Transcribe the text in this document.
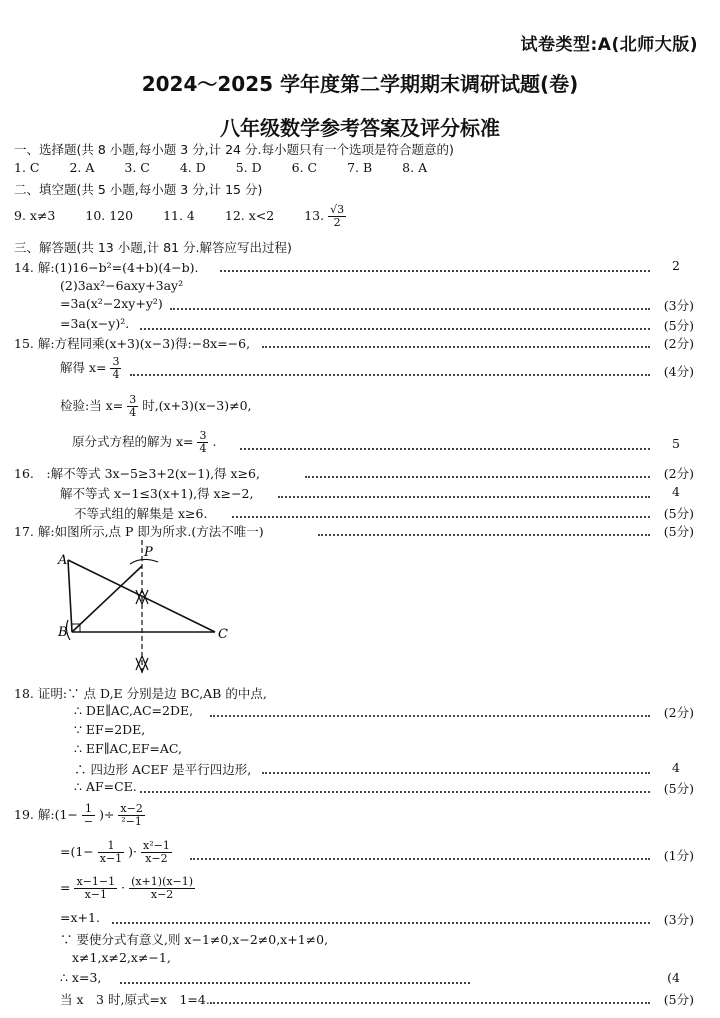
试卷类型:A(北师大版)
2024～2025 学年度第二学期期末调研试题(卷)
八年级数学参考答案及评分标准
一、选择题(共 8 小题,每小题 3 分,计 24 分.每小题只有一个选项是符合题意的)
1. C 2. A 3. C 4. D 5. D 6. C 7. B 8. A
二、填空题(共 5 小题,每小题 3 分,计 15 分)
9. x≠3 10. 120 11. 4 12. x<2 13. $\frac{√3}{2}$
三、解答题(共 13 小题,计 81 分.解答应写出过程)
14. 解:(1)16−b²=(4+b)(4−b).	2
(2)3ax²−6axy+3ay²
=3a(x²−2xy+y²)	(3分)
=3a(x−y)².	(5分)
15. 解:方程同乘(x+3)(x−3)得:−8x=−6,	(2分)
解得 $x= \frac{3}{4}$	(4分)
检验:当 $x= \frac{3}{4}$ 时,(x+3)(x−3)≠0,
原分式方程的解为 $x= \frac{3}{4}$ .	5
16.　:解不等式 3x−5≥3+2(x−1),得 x≥6,	(2分)
解不等式 x−1≤3(x+1),得 x≥−2,	4
不等式组的解集是 x≥6.	(5分)
17. 解:如图所示,点 P 即为所求.(方法不唯一)	(5分)
A
B	C
P
18. 证明:∵ 点 D,E 分别是边 BC,AB 的中点,
∴ DE∥AC,AC=2DE,	(2分)
∵ EF=2DE,
∴ EF∥AC,EF=AC,
∴ 四边形 ACEF 是平行四边形,	4
∴ AF=CE.	(5分)
19. 解:(1− $\frac{1}{-}$ )÷ $\frac{x-2}{\text{²−1}}$
$=(1- \frac{1}{x-1}$ )· $\frac{\text{x²−1}}{x-2}$	(1分)
= $\frac{x-1-1}{x-1} \cdot \frac{(x+1)(x-1)}{x-2}$
=x+1.	(3分)
∵ 要使分式有意义,则 x−1≠0,x−2≠0,x+1≠0,
x≠1,x≠2,x≠−1,
∴ x=3,	(4
当 x　3 时,原式=x　1=4.	(5分)
